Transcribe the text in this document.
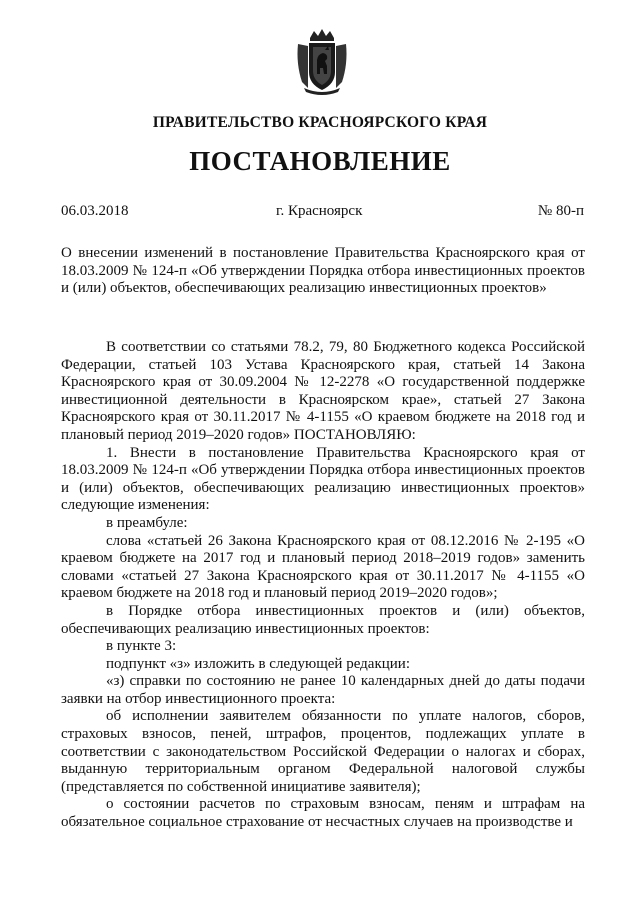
ПРАВИТЕЛЬСТВО КРАСНОЯРСКОГО КРАЯ
ПОСТАНОВЛЕНИЕ
06.03.2018	г. Красноярск	№ 80-п
О внесении изменений в постановление Правительства Красноярского края от 18.03.2009 № 124-п «Об утверждении Порядка отбора инвестиционных проектов и (или) объектов, обеспечивающих реализацию инвестиционных проектов»

В соответствии со статьями 78.2, 79, 80 Бюджетного кодекса Российской Федерации, статьей 103 Устава Красноярского края, статьей 14 Закона Красноярского края от 30.09.2004 № 12-2278 «О государственной поддержке инвестиционной деятельности в Красноярском крае», статьей 27 Закона Красноярского края от 30.11.2017 № 4-1155 «О краевом бюджете на 2018 год и плановый период 2019–2020 годов» ПОСТАНОВЛЯЮ:

1. Внести в постановление Правительства Красноярского края от 18.03.2009 № 124-п «Об утверждении Порядка отбора инвестиционных проектов и (или) объектов, обеспечивающих реализацию инвестиционных проектов» следующие изменения:

в преамбуле:

слова «статьей 26 Закона Красноярского края от 08.12.2016 № 2-195 «О краевом бюджете на 2017 год и плановый период 2018–2019 годов» заменить словами «статьей 27 Закона Красноярского края от 30.11.2017 № 4-1155 «О краевом бюджете на 2018 год и плановый период 2019–2020 годов»;

в Порядке отбора инвестиционных проектов и (или) объектов, обеспечивающих реализацию инвестиционных проектов:

в пункте 3:

подпункт «з» изложить в следующей редакции:

«з) справки по состоянию не ранее 10 календарных дней до даты подачи заявки на отбор инвестиционного проекта:

об исполнении заявителем обязанности по уплате налогов, сборов, страховых взносов, пеней, штрафов, процентов, подлежащих уплате в соответствии с законодательством Российской Федерации о налогах и сборах, выданную территориальным органом Федеральной налоговой службы (представляется по собственной инициативе заявителя);

о состоянии расчетов по страховым взносам, пеням и штрафам на обязательное социальное страхование от несчастных случаев на производстве и
